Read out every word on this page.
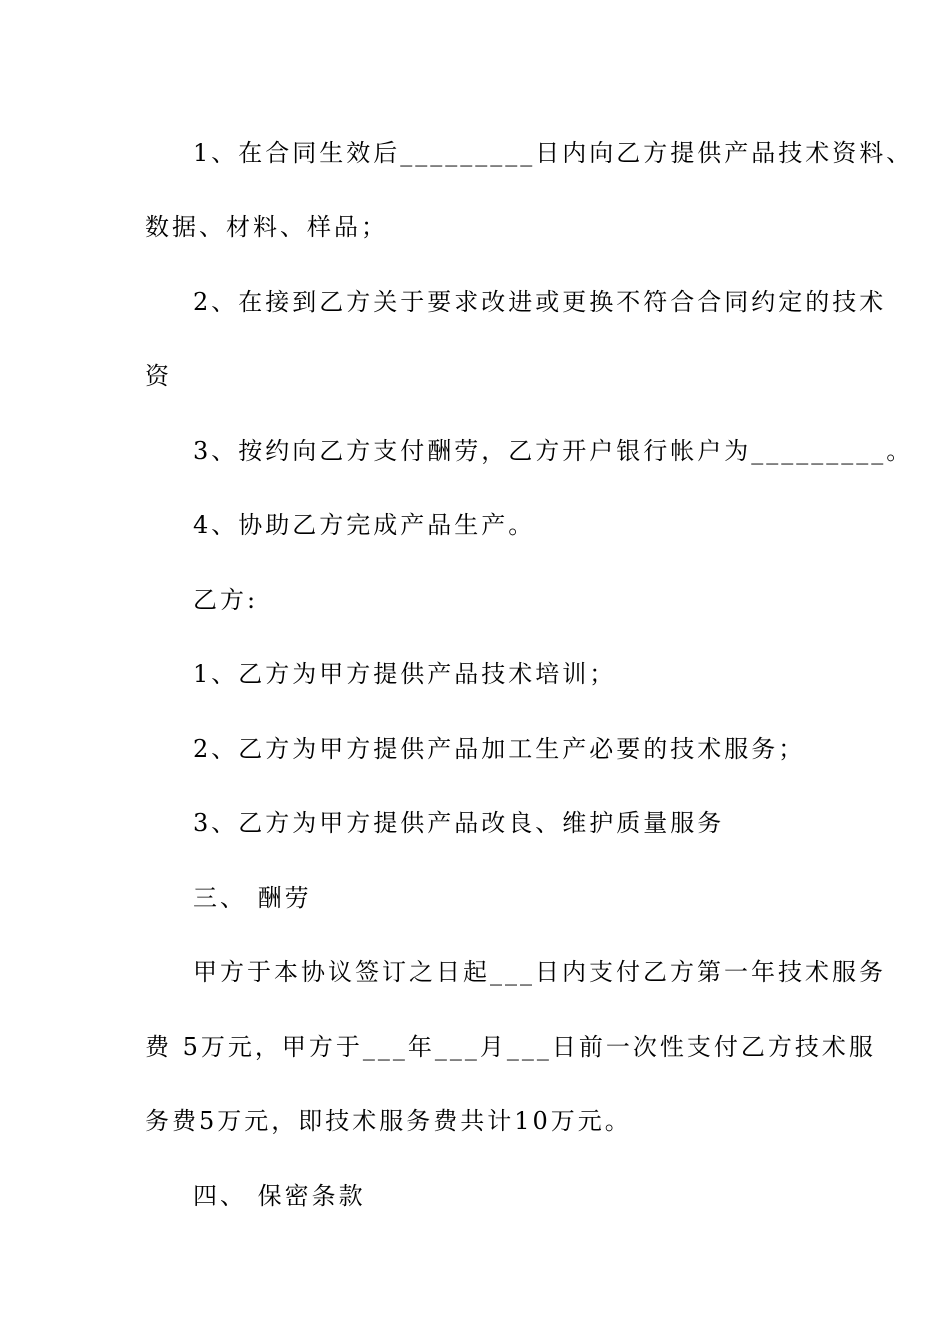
1、在合同生效后_________日内向乙方提供产品技术资料、
数据、材料、样品；
2、在接到乙方关于要求改进或更换不符合合同约定的技术
资
3、按约向乙方支付酬劳，乙方开户银行帐户为_________。
4、协助乙方完成产品生产。
乙方:
1、乙方为甲方提供产品技术培训；
2、乙方为甲方提供产品加工生产必要的技术服务；
3、乙方为甲方提供产品改良、维护质量服务
三、 酬劳
甲方于本协议签订之日起___日内支付乙方第一年技术服务
费 5万元，甲方于___年___月___日前一次性支付乙方技术服
务费5万元，即技术服务费共计10万元。
四、 保密条款
